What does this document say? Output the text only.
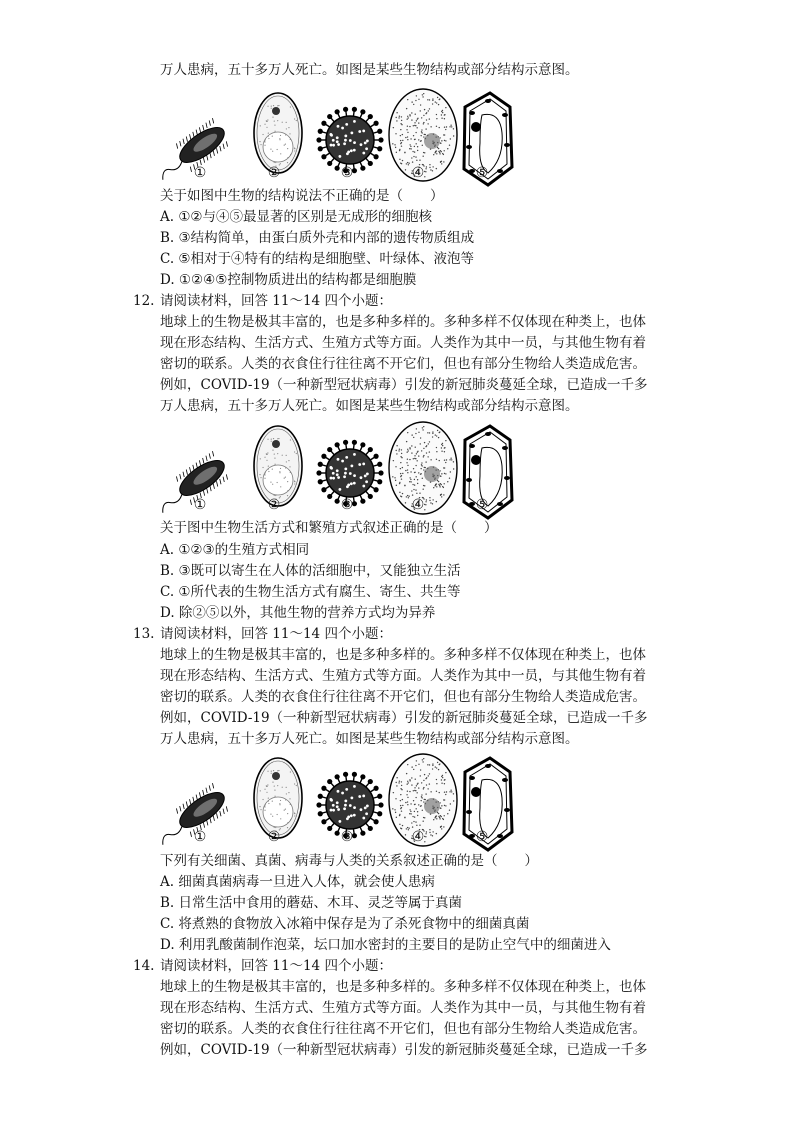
万人患病，五十多万人死亡。如图是某些生物结构或部分结构示意图。
①	②	③	④	⑤
关于如图中生物的结构说法不正确的是（　　）
A. ①②与④⑤最显著的区别是无成形的细胞核
B. ③结构简单，由蛋白质外壳和内部的遗传物质组成
C. ⑤相对于④特有的结构是细胞壁、叶绿体、液泡等
D. ①②④⑤控制物质进出的结构都是细胞膜
12. 请阅读材料，回答 11～14 四个小题：
地球上的生物是极其丰富的，也是多种多样的。多种多样不仅体现在种类上，也体
现在形态结构、生活方式、生殖方式等方面。人类作为其中一员，与其他生物有着
密切的联系。人类的衣食住行往往离不开它们，但也有部分生物给人类造成危害。
例如，COVID-19（一种新型冠状病毒）引发的新冠肺炎蔓延全球，已造成一千多
万人患病，五十多万人死亡。如图是某些生物结构或部分结构示意图。
①	②	③	④	⑤
关于图中生物生活方式和繁殖方式叙述正确的是（　　）
A. ①②③的生殖方式相同
B. ③既可以寄生在人体的活细胞中，又能独立生活
C. ①所代表的生物生活方式有腐生、寄生、共生等
D. 除②⑤以外，其他生物的营养方式均为异养
13. 请阅读材料，回答 11～14 四个小题：
地球上的生物是极其丰富的，也是多种多样的。多种多样不仅体现在种类上，也体
现在形态结构、生活方式、生殖方式等方面。人类作为其中一员，与其他生物有着
密切的联系。人类的衣食住行往往离不开它们，但也有部分生物给人类造成危害。
例如，COVID-19（一种新型冠状病毒）引发的新冠肺炎蔓延全球，已造成一千多
万人患病，五十多万人死亡。如图是某些生物结构或部分结构示意图。
①	②	③	④	⑤
下列有关细菌、真菌、病毒与人类的关系叙述正确的是（　　）
A. 细菌真菌病毒一旦进入人体，就会使人患病
B. 日常生活中食用的蘑菇、木耳、灵芝等属于真菌
C. 将煮熟的食物放入冰箱中保存是为了杀死食物中的细菌真菌
D. 利用乳酸菌制作泡菜，坛口加水密封的主要目的是防止空气中的细菌进入
14. 请阅读材料，回答 11～14 四个小题：
地球上的生物是极其丰富的，也是多种多样的。多种多样不仅体现在种类上，也体
现在形态结构、生活方式、生殖方式等方面。人类作为其中一员，与其他生物有着
密切的联系。人类的衣食住行往往离不开它们，但也有部分生物给人类造成危害。
例如，COVID-19（一种新型冠状病毒）引发的新冠肺炎蔓延全球，已造成一千多
